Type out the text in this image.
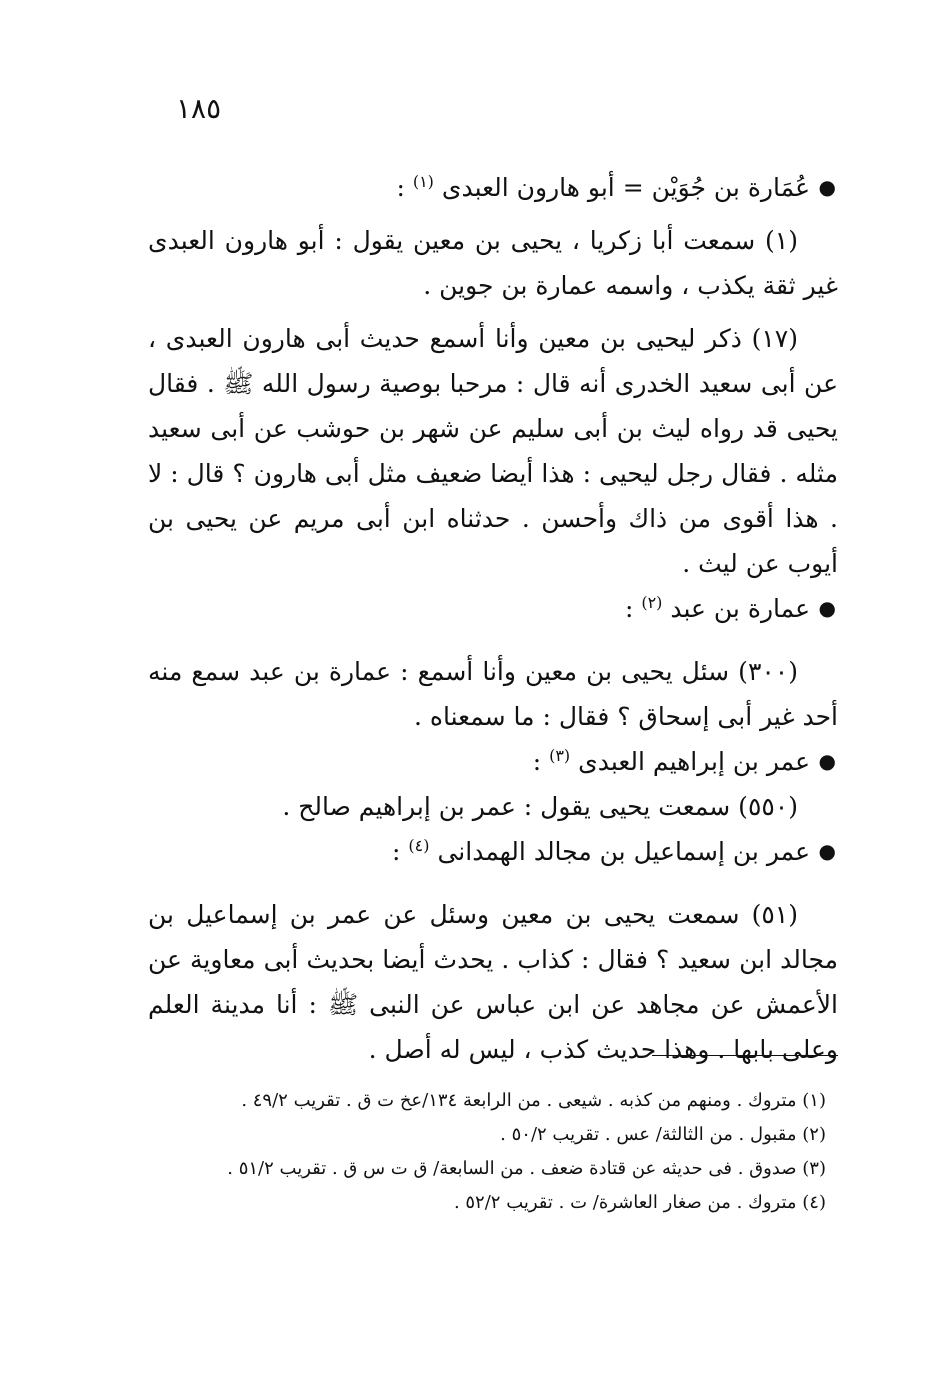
١٨٥

●
عُمَارة بن جُوَيْن = أبو هارون العبدى $^{(١)}$ :

(١) سمعت أبا زكريا ، يحيى بن معين يقول : أبو هارون العبدى غير ثقة يكذب ، واسمه عمارة بن جوين .

(١٧) ذكر ليحيى بن معين وأنا أسمع حديث أبى هارون العبدى ، عن أبى سعيد الخدرى أنه قال : مرحبا بوصية رسول الله ﷺ . فقال يحيى قد رواه ليث بن أبى سليم عن شهر بن حوشب عن أبى سعيد مثله . فقال رجل ليحيى : هذا أيضا ضعيف مثل أبى هارون ؟ قال : لا . هذا أقوى من ذاك وأحسن . حدثناه ابن أبى مريم عن يحيى بن أيوب عن ليث .

●
عمارة بن عبد $^{(٢)}$ :

(٣٠٠) سئل يحيى بن معين وأنا أسمع : عمارة بن عبد سمع منه أحد غير أبى إسحاق ؟ فقال : ما سمعناه .

●
عمر بن إبراهيم العبدى $^{(٣)}$ :

(٥٥٠) سمعت يحيى يقول : عمر بن إبراهيم صالح .

●
عمر بن إسماعيل بن مجالد الهمدانى $^{(٤)}$ :

(٥١) سمعت يحيى بن معين وسئل عن عمر بن إسماعيل بن مجالد ابن سعيد ؟ فقال : كذاب . يحدث أيضا بحديث أبى معاوية عن الأعمش عن مجاهد عن ابن عباس عن النبى ﷺ : أنا مدينة العلم وعلى بابها . وهذا حديث كذب ، ليس له أصل .

(١) متروك . ومنهم من كذبه . شيعى . من الرابعة ١٣٤/عخ ت ق . تقريب ٤٩/٢ .

(٢) مقبول . من الثالثة/ عس . تقريب ٥٠/٢ .

(٣) صدوق . فى حديثه عن قتادة ضعف . من السابعة/ ق ت س ق . تقريب ٥١/٢ .

(٤) متروك . من صغار العاشرة/ ت . تقريب ٥٢/٢ .
